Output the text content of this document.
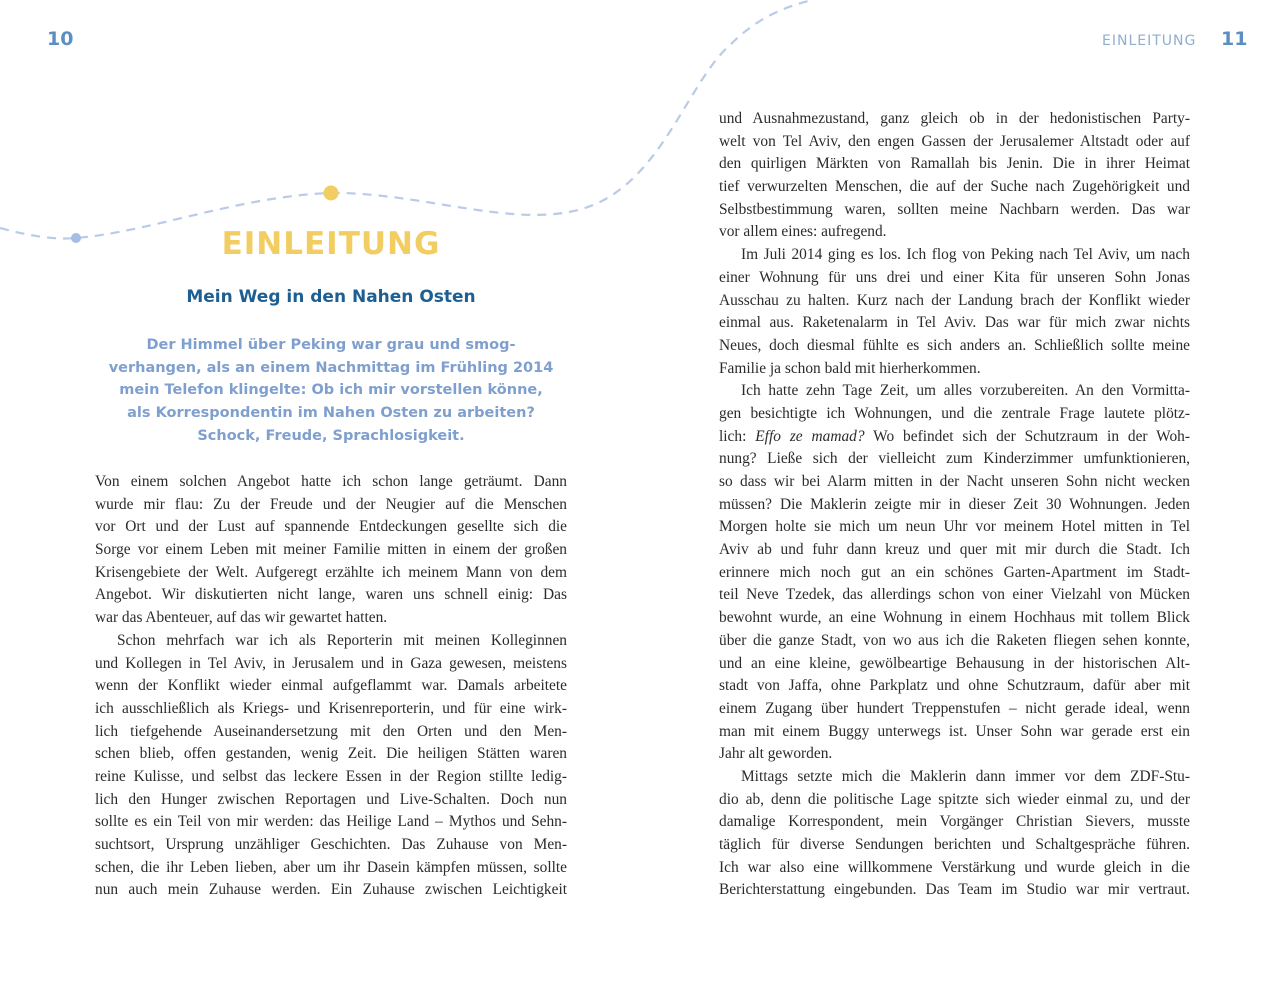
10	EINLEITUNG 11
EINLEITUNG
Mein Weg in den Nahen Osten
Der Himmel über Peking war grau und smog-
verhangen, als an einem Nachmittag im Frühling 2014
mein Telefon klingelte: Ob ich mir vorstellen könne,
als Korrespondentin im Nahen Osten zu arbeiten?
Schock, Freude, Sprachlosigkeit.
Von einem solchen Angebot hatte ich schon lange geträumt. Dann
wurde mir flau: Zu der Freude und der Neugier auf die Menschen
vor Ort und der Lust auf spannende Entdeckungen gesellte sich die
Sorge vor einem Leben mit meiner Familie mitten in einem der großen
Krisengebiete der Welt. Aufgeregt erzählte ich meinem Mann von dem
Angebot. Wir diskutierten nicht lange, waren uns schnell einig: Das
war das Abenteuer, auf das wir gewartet hatten.
Schon mehrfach war ich als Reporterin mit meinen Kolleginnen
und Kollegen in Tel Aviv, in Jerusalem und in Gaza gewesen, meistens
wenn der Konflikt wieder einmal aufgeflammt war. Damals arbeitete
ich ausschließlich als Kriegs- und Krisenreporterin, und für eine wirk-
lich tiefgehende Auseinandersetzung mit den Orten und den Men-
schen blieb, offen gestanden, wenig Zeit. Die heiligen Stätten waren
reine Kulisse, und selbst das leckere Essen in der Region stillte ledig-
lich den Hunger zwischen Reportagen und Live-Schalten. Doch nun
sollte es ein Teil von mir werden: das Heilige Land – Mythos und Sehn-
suchtsort, Ursprung unzähliger Geschichten. Das Zuhause von Men-
schen, die ihr Leben lieben, aber um ihr Dasein kämpfen müssen, sollte
nun auch mein Zuhause werden. Ein Zuhause zwischen Leichtigkeit
und Ausnahmezustand, ganz gleich ob in der hedonistischen Party-
welt von Tel Aviv, den engen Gassen der Jerusalemer Altstadt oder auf
den quirligen Märkten von Ramallah bis Jenin. Die in ihrer Heimat
tief verwurzelten Menschen, die auf der Suche nach Zugehörigkeit und
Selbstbestimmung waren, sollten meine Nachbarn werden. Das war
vor allem eines: aufregend.
Im Juli 2014 ging es los. Ich flog von Peking nach Tel Aviv, um nach
einer Wohnung für uns drei und einer Kita für unseren Sohn Jonas
Ausschau zu halten. Kurz nach der Landung brach der Konflikt wieder
einmal aus. Raketenalarm in Tel Aviv. Das war für mich zwar nichts
Neues, doch diesmal fühlte es sich anders an. Schließlich sollte meine
Familie ja schon bald mit hierherkommen.
Ich hatte zehn Tage Zeit, um alles vorzubereiten. An den Vormitta-
gen besichtigte ich Wohnungen, und die zentrale Frage lautete plötz-
lich: Effo ze mamad? Wo befindet sich der Schutzraum in der Woh-
nung? Ließe sich der vielleicht zum Kinderzimmer umfunktionieren,
so dass wir bei Alarm mitten in der Nacht unseren Sohn nicht wecken
müssen? Die Maklerin zeigte mir in dieser Zeit 30 Wohnungen. Jeden
Morgen holte sie mich um neun Uhr vor meinem Hotel mitten in Tel
Aviv ab und fuhr dann kreuz und quer mit mir durch die Stadt. Ich
erinnere mich noch gut an ein schönes Garten-Apartment im Stadt-
teil Neve Tzedek, das allerdings schon von einer Vielzahl von Mücken
bewohnt wurde, an eine Wohnung in einem Hochhaus mit tollem Blick
über die ganze Stadt, von wo aus ich die Raketen fliegen sehen konnte,
und an eine kleine, gewölbeartige Behausung in der historischen Alt-
stadt von Jaffa, ohne Parkplatz und ohne Schutzraum, dafür aber mit
einem Zugang über hundert Treppenstufen – nicht gerade ideal, wenn
man mit einem Buggy unterwegs ist. Unser Sohn war gerade erst ein
Jahr alt geworden.
Mittags setzte mich die Maklerin dann immer vor dem ZDF-Stu-
dio ab, denn die politische Lage spitzte sich wieder einmal zu, und der
damalige Korrespondent, mein Vorgänger Christian Sievers, musste
täglich für diverse Sendungen berichten und Schaltgespräche führen.
Ich war also eine willkommene Verstärkung und wurde gleich in die
Berichterstattung eingebunden. Das Team im Studio war mir vertraut.
